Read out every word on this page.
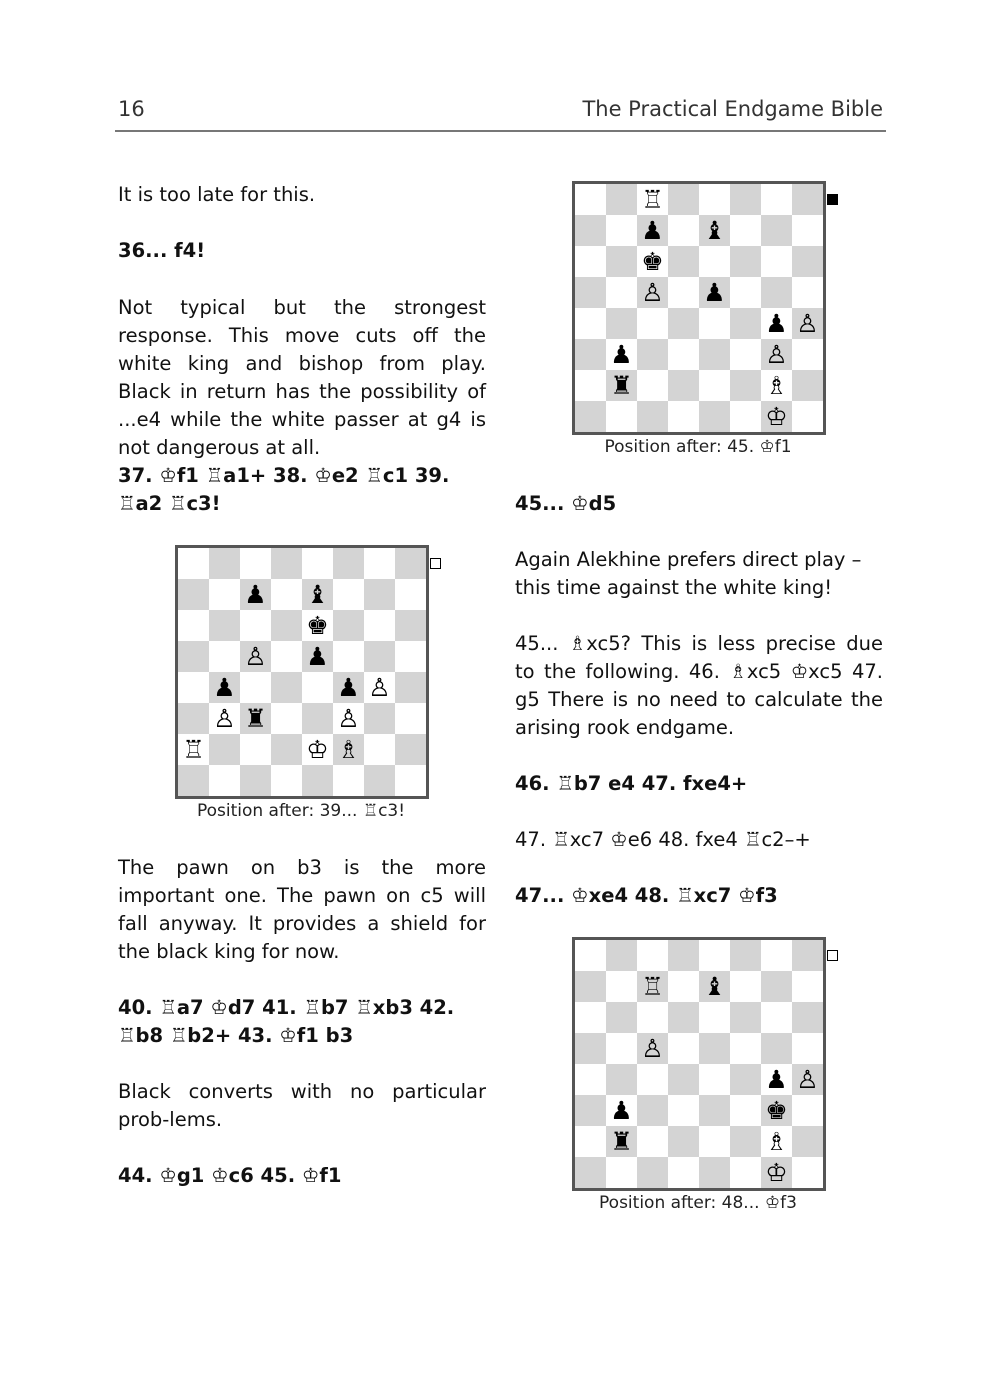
16	The Practical Endgame Bible
It is too late for this.
36... f4!
Not typical but the strongest response. This move cuts off the white king and bishop from play. Black in return has the possibility of ...e4 while the white passer at g4 is not dangerous at all.
37. ♔f1 ♖a1+ 38. ♔e2 ♖c1 39. ♖a2 ♖c3!
The pawn on b3 is the more important one. The pawn on c5 will fall anyway. It provides a shield for the black king for now.
40. ♖a7 ♔d7 41. ♖b7 ♖xb3 42. ♖b8 ♖b2+ 43. ♔f1 b3
Black converts with no particular prob-lems.
44. ♔g1 ♔c6 45. ♔f1
45... ♔d5
Again Alekhine prefers direct play – this time against the white king!
45... ♗xc5? This is less precise due to the following. 46. ♗xc5 ♔xc5 47. g5 There is no need to calculate the arising rook endgame.
46. ♖b7 e4 47. fxe4+
47. ♖xc7 ♔e6 48. fxe4 ♖c2–+
47... ♔xe4 48. ♖xc7 ♔f3
♖
♟ ♝
♚
♙ ♟
♟ ♙
♟	♙
♜	♗
♔
Position after: 45. ♔f1
♟ ♝
♚
♙ ♟
♟	♟ ♙
♙ ♜	♙
♖	♔ ♗
Position after: 39... ♖c3!
♖ ♝
♙
♟ ♙
♟	♚
♜	♗
♔
Position after: 48... ♔f3
